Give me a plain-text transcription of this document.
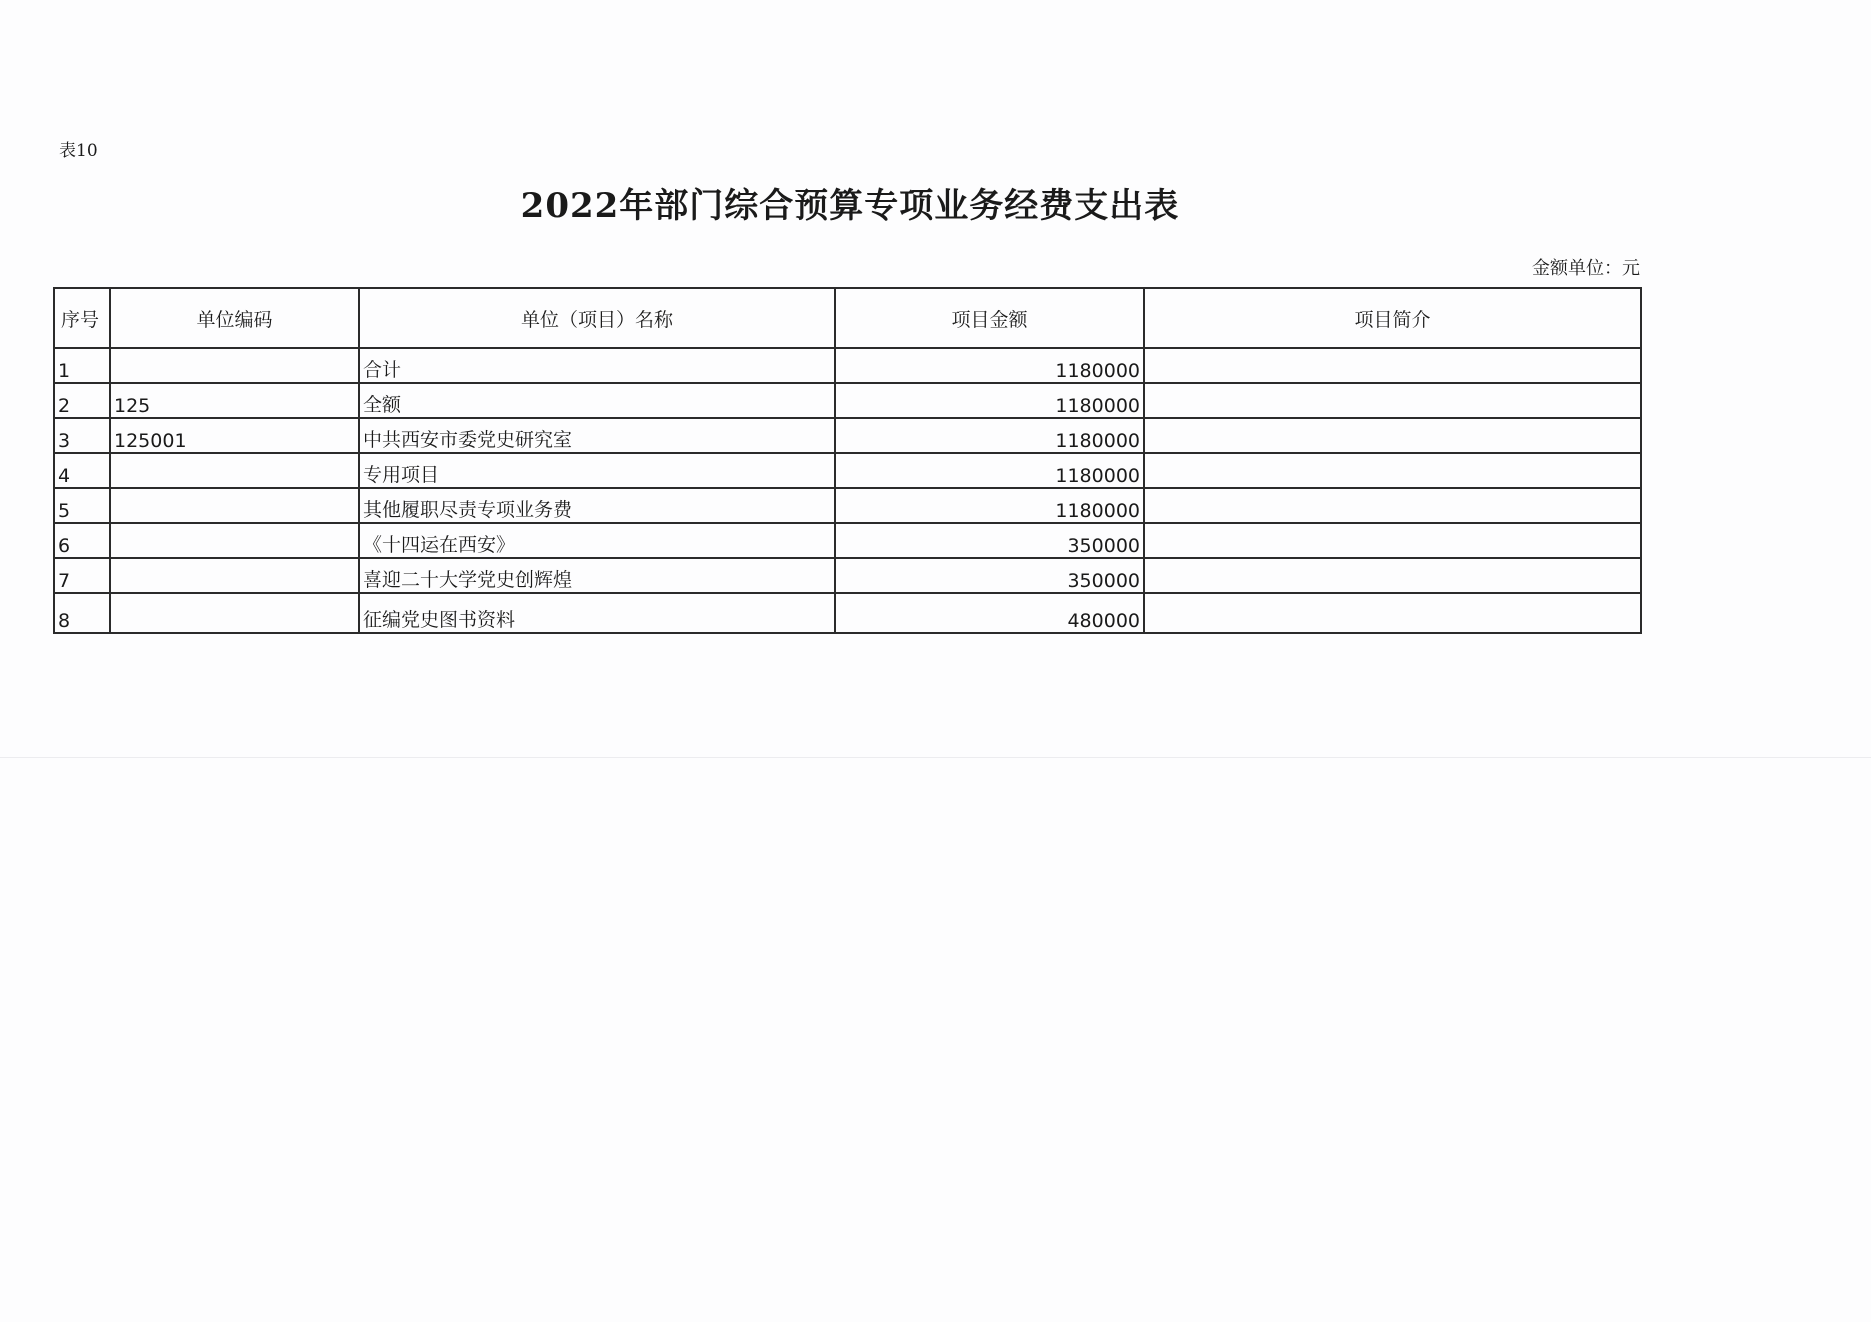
表10
2022年部门综合预算专项业务经费支出表
金额单位：元
序号	单位编码	单位（项目）名称	项目金额	项目简介
1		合计	1180000	
2	125	全额	1180000	
3	125001	中共西安市委党史研究室	1180000	
4		专用项目	1180000	
5		其他履职尽责专项业务费	1180000	
6		《十四运在西安》	350000	
7		喜迎二十大学党史创辉煌	350000	
8		征编党史图书资料	480000	
